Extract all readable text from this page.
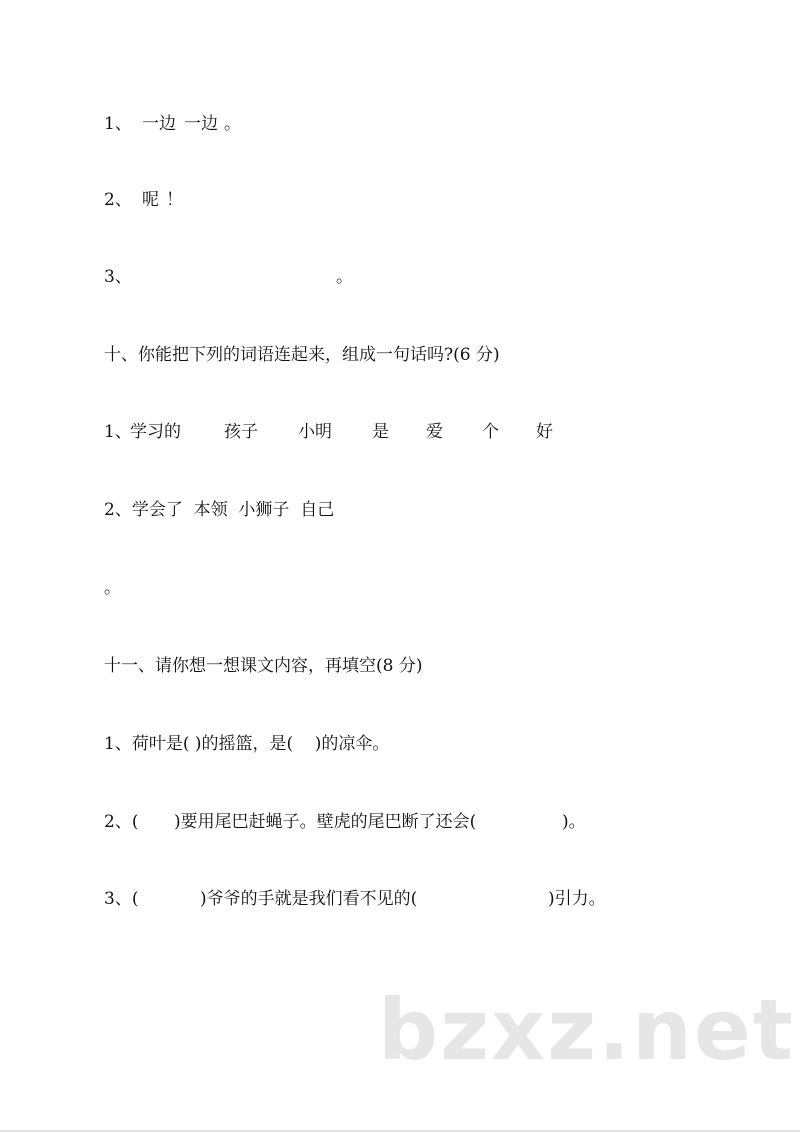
1、

一边

一边

。

2、

呢

！

3、

	。

十、你能把下列的词语连起来，组成一句话吗?(6 分)

1、

学习的

	孩子

小明

是

爱

个

好

2、学会了  本领  小狮子  自己
。
十一、请你想一想课文内容，再填空(8 分)
1、荷叶是( )的摇篮，是(    )的凉伞。

2、(

)要用尾巴赶蝇子。壁虎的尾巴断了还会(

	)。

3、(

	)爷爷的手就是我们看不见的(

	)引力。

bzxz.net
